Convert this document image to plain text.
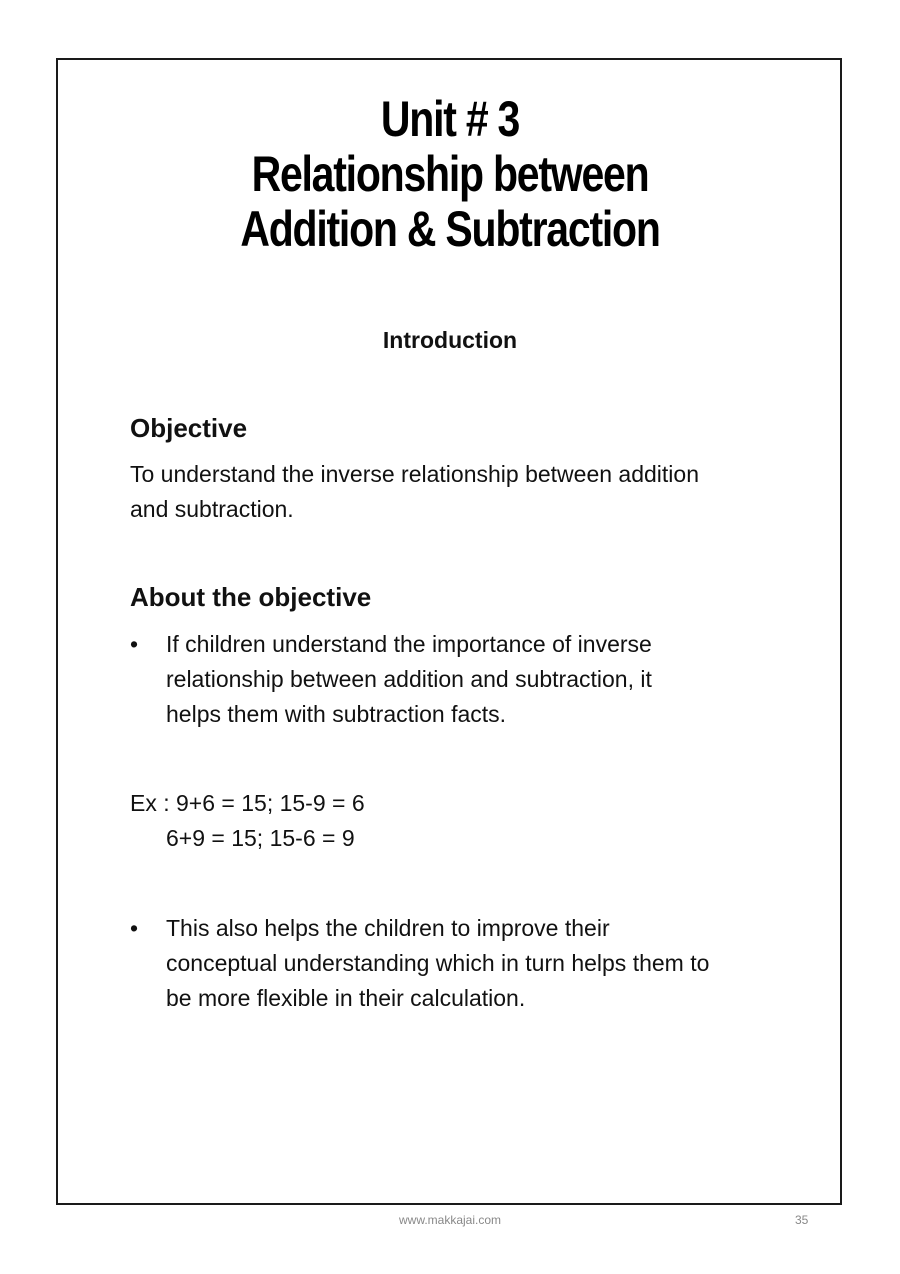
Unit # 3
Relationship between
Addition & Subtraction
Introduction
Objective
To understand the inverse relationship between addition
and subtraction.
About the objective
•	If children understand the importance of inverse
relationship between addition and subtraction, it
helps them with subtraction facts.
Ex : 9+6 = 15; 15-9 = 6
6+9 = 15; 15-6 = 9
•	This also helps the children to improve their
conceptual understanding which in turn helps them to
be more flexible in their calculation.
www.makkajai.com	35
